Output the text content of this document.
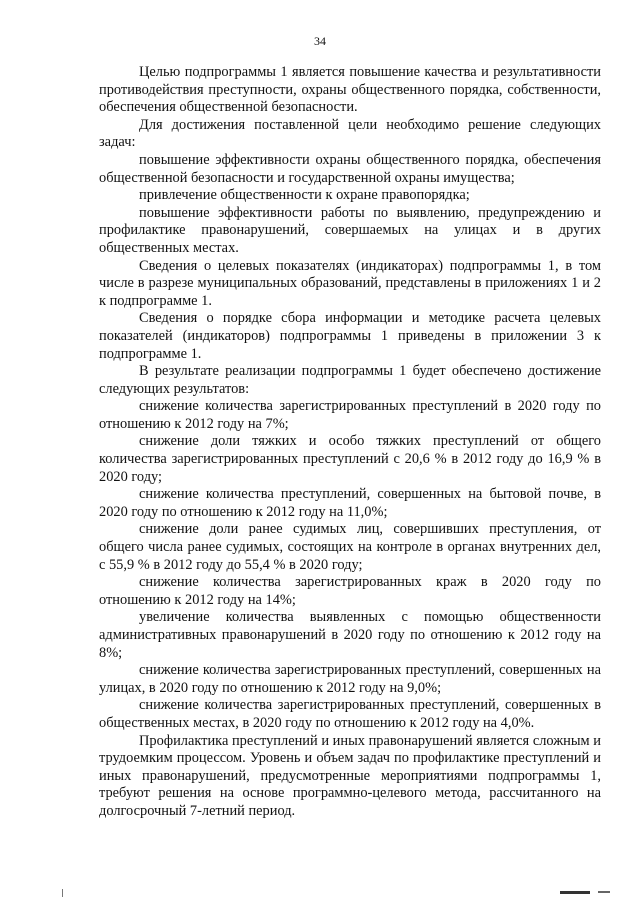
34

Целью подпрограммы 1 является повышение качества и результативности противодействия преступности, охраны общественного порядка, собственности, обеспечения общественной безопасности.

Для достижения поставленной цели необходимо решение следующих задач:

повышение эффективности охраны общественного порядка, обеспечения общественной безопасности и государственной охраны имущества;

привлечение общественности к охране правопорядка;

повышение эффективности работы по выявлению, предупреждению и профилактике правонарушений, совершаемых на улицах и в других общественных местах.

Сведения о целевых показателях (индикаторах) подпрограммы 1, в том числе в разрезе муниципальных образований, представлены в приложениях 1 и 2 к подпрограмме 1.

Сведения о порядке сбора информации и методике расчета целевых показателей (индикаторов) подпрограммы 1 приведены в приложении 3 к подпрограмме 1.

В результате реализации подпрограммы 1 будет обеспечено достижение следующих результатов:

снижение количества зарегистрированных преступлений в 2020 году по отношению к 2012 году на 7%;

снижение доли тяжких и особо тяжких преступлений от общего количества зарегистрированных преступлений с 20,6 % в 2012 году до 16,9 % в 2020 году;

снижение количества преступлений, совершенных на бытовой почве, в 2020 году по отношению к 2012 году на 11,0%;

снижение доли ранее судимых лиц, совершивших преступления, от общего числа ранее судимых, состоящих на контроле в органах внутренних дел, с 55,9 % в 2012 году до 55,4 % в 2020 году;

снижение количества зарегистрированных краж в 2020 году по отношению к 2012 году на 14%;

увеличение количества выявленных с помощью общественности административных правонарушений в 2020 году по отношению к 2012 году на 8%;

снижение количества зарегистрированных преступлений, совершенных на улицах, в 2020 году по отношению к 2012 году на 9,0%;

снижение количества зарегистрированных преступлений, совершенных в общественных местах, в 2020 году по отношению к 2012 году на 4,0%.

Профилактика преступлений и иных правонарушений является сложным и трудоемким процессом. Уровень и объем задач по профилактике преступлений и иных правонарушений, предусмотренные мероприятиями подпрограммы 1, требуют решения на основе программно-целевого метода, рассчитанного на долгосрочный 7-летний период.
